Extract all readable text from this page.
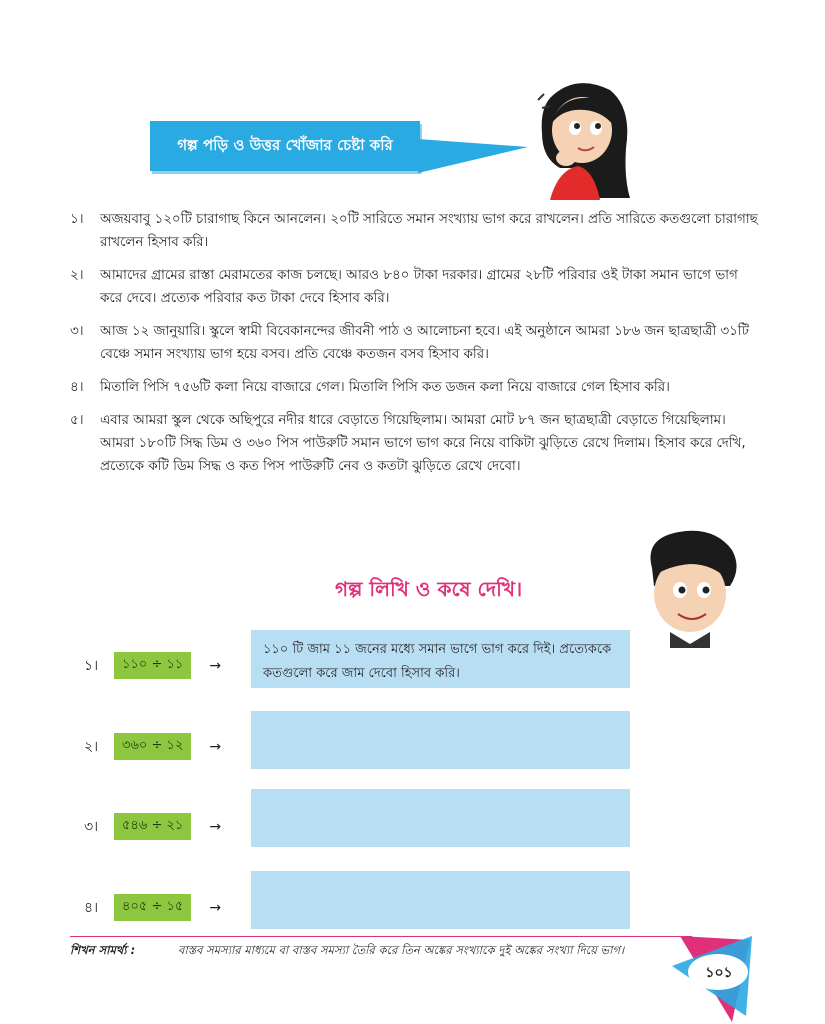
গল্প পড়ি ও উত্তর খোঁজার চেষ্টা করি
১।	অজয়বাবু ১২০টি চারাগাছ কিনে আনলেন। ২০টি সারিতে সমান সংখ্যায় ভাগ করে রাখলেন। প্রতি সারিতে কতগুলো চারাগাছ রাখলেন হিসাব করি।
২।	আমাদের গ্রামের রাস্তা মেরামতের কাজ চলছে। আরও ৮৪০ টাকা দরকার। গ্রামের ২৮টি পরিবার ওই টাকা সমান ভাগে ভাগ করে দেবে। প্রত্যেক পরিবার কত টাকা দেবে হিসাব করি।
৩।	আজ ১২ জানুয়ারি। স্কুলে স্বামী বিবেকানন্দের জীবনী পাঠ ও আলোচনা হবে। এই অনুষ্ঠানে আমরা ১৮৬ জন ছাত্রছাত্রী ৩১টি বেঞ্চে সমান সংখ্যায় ভাগ হয়ে বসব। প্রতি বেঞ্চে কতজন বসব হিসাব করি।
৪।	মিতালি পিসি ৭৫৬টি কলা নিয়ে বাজারে গেল। মিতালি পিসি কত ডজন কলা নিয়ে বাজারে গেল হিসাব করি।
৫।	এবার আমরা স্কুল থেকে অছিপুরে নদীর ধারে বেড়াতে গিয়েছিলাম। আমরা মোট ৮৭ জন ছাত্রছাত্রী বেড়াতে গিয়েছিলাম। আমরা ১৮০টি সিদ্ধ ডিম ও ৩৬০ পিস পাউরুটি সমান ভাগে ভাগ করে নিয়ে বাকিটা ঝুড়িতে রেখে দিলাম। হিসাব করে দেখি, প্রত্যেকে কটি ডিম সিদ্ধ ও কত পিস পাউরুটি নেব ও কতটা ঝুড়িতে রেখে দেবো।
গল্প লিখি ও কষে দেখি।
১।	১১০ ÷ ১১	→
১১০ টি জাম ১১ জনের মধ্যে সমান ভাগে ভাগ করে দিই। প্রত্যেককে কতগুলো করে জাম দেবো হিসাব করি।
২।	৩৬০ ÷ ১২	→
৩।	৫৪৬ ÷ ২১	→
৪।	৪০৫ ÷ ১৫	→
শিখন সামর্থ্য :	বাস্তব সমস্যার মাধ্যমে বা বাস্তব সমস্যা তৈরি করে তিন অঙ্কের সংখ্যাকে দুই অঙ্কের সংখ্যা দিয়ে ভাগ।
১০১
